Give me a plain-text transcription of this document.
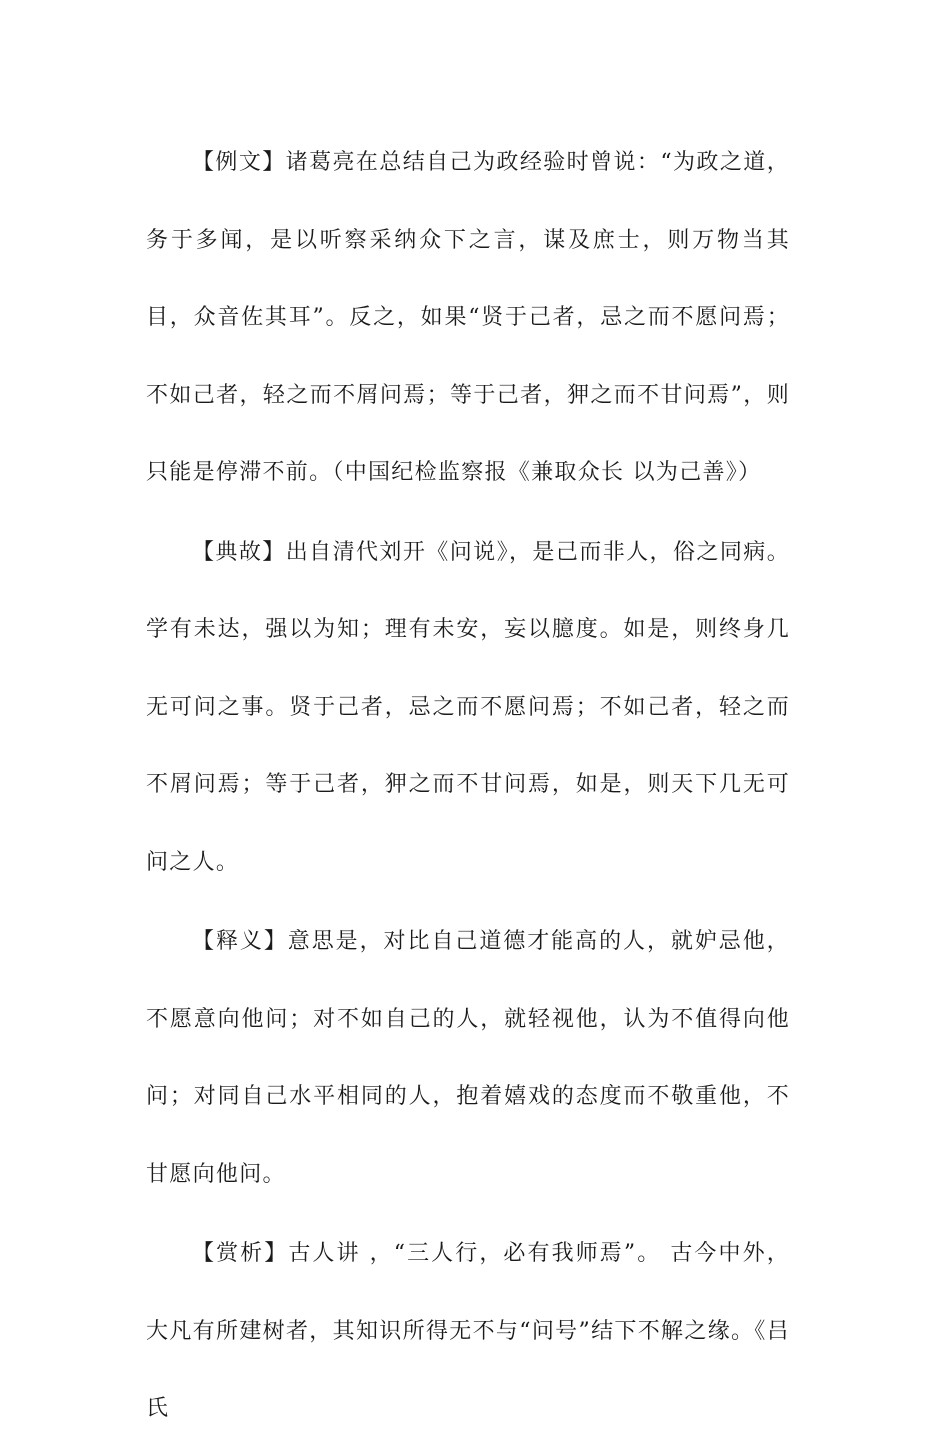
【例文】诸葛亮在总结自己为政经验时曾说：“为政之道，务于多闻，是以听察采纳众下之言，谋及庶士，则万物当其目，众音佐其耳”。反之，如果“贤于己者，忌之而不愿问焉；不如己者，轻之而不屑问焉；等于己者，狎之而不甘问焉”，则只能是停滞不前。（中国纪检监察报《兼取众长 以为己善》）

【典故】出自清代刘开《问说》，是己而非人，俗之同病。学有未达，强以为知；理有未安，妄以臆度。如是，则终身几无可问之事。贤于己者，忌之而不愿问焉；不如己者，轻之而不屑问焉；等于己者，狎之而不甘问焉，如是，则天下几无可问之人。

【释义】意思是，对比自己道德才能高的人，就妒忌他，不愿意向他问；对不如自己的人，就轻视他，认为不值得向他问；对同自己水平相同的人，抱着嬉戏的态度而不敬重他，不甘愿向他问。

【赏析】古人讲 ，“三人行，必有我师焉”。 古今中外，大凡有所建树者，其知识所得无不与“问号”结下不解之缘。《吕氏
